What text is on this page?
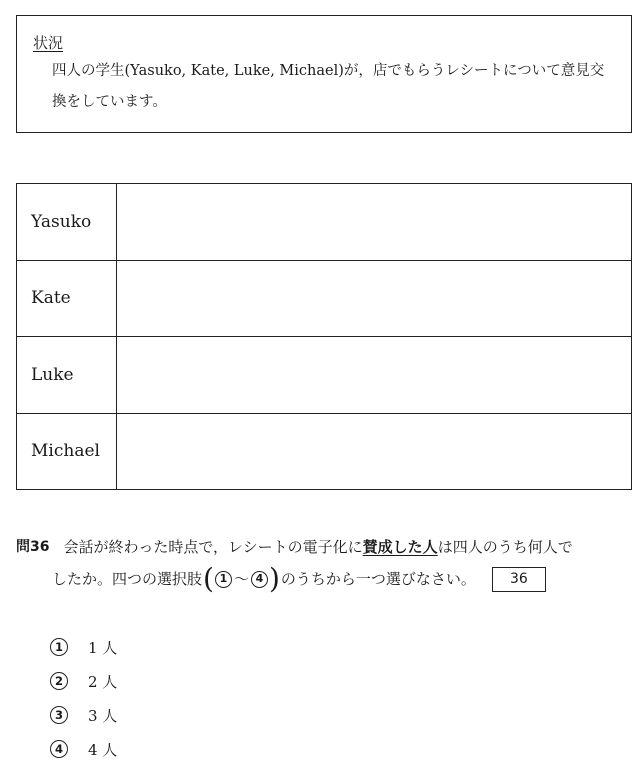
状況
四人の学生(Yasuko, Kate, Luke, Michael)が，店でもらうレシートについて意見交換をしています。
Yasuko
Kate
Luke
Michael
問36 会話が終わった時点で，レシートの電子化に 賛成した人 は四人のうち何人で
したか。四つの選択肢 ( 1 〜 4 ) のうちから一つ選びなさい。	36
1	1 人
2	2 人
3	3 人
4	4 人
